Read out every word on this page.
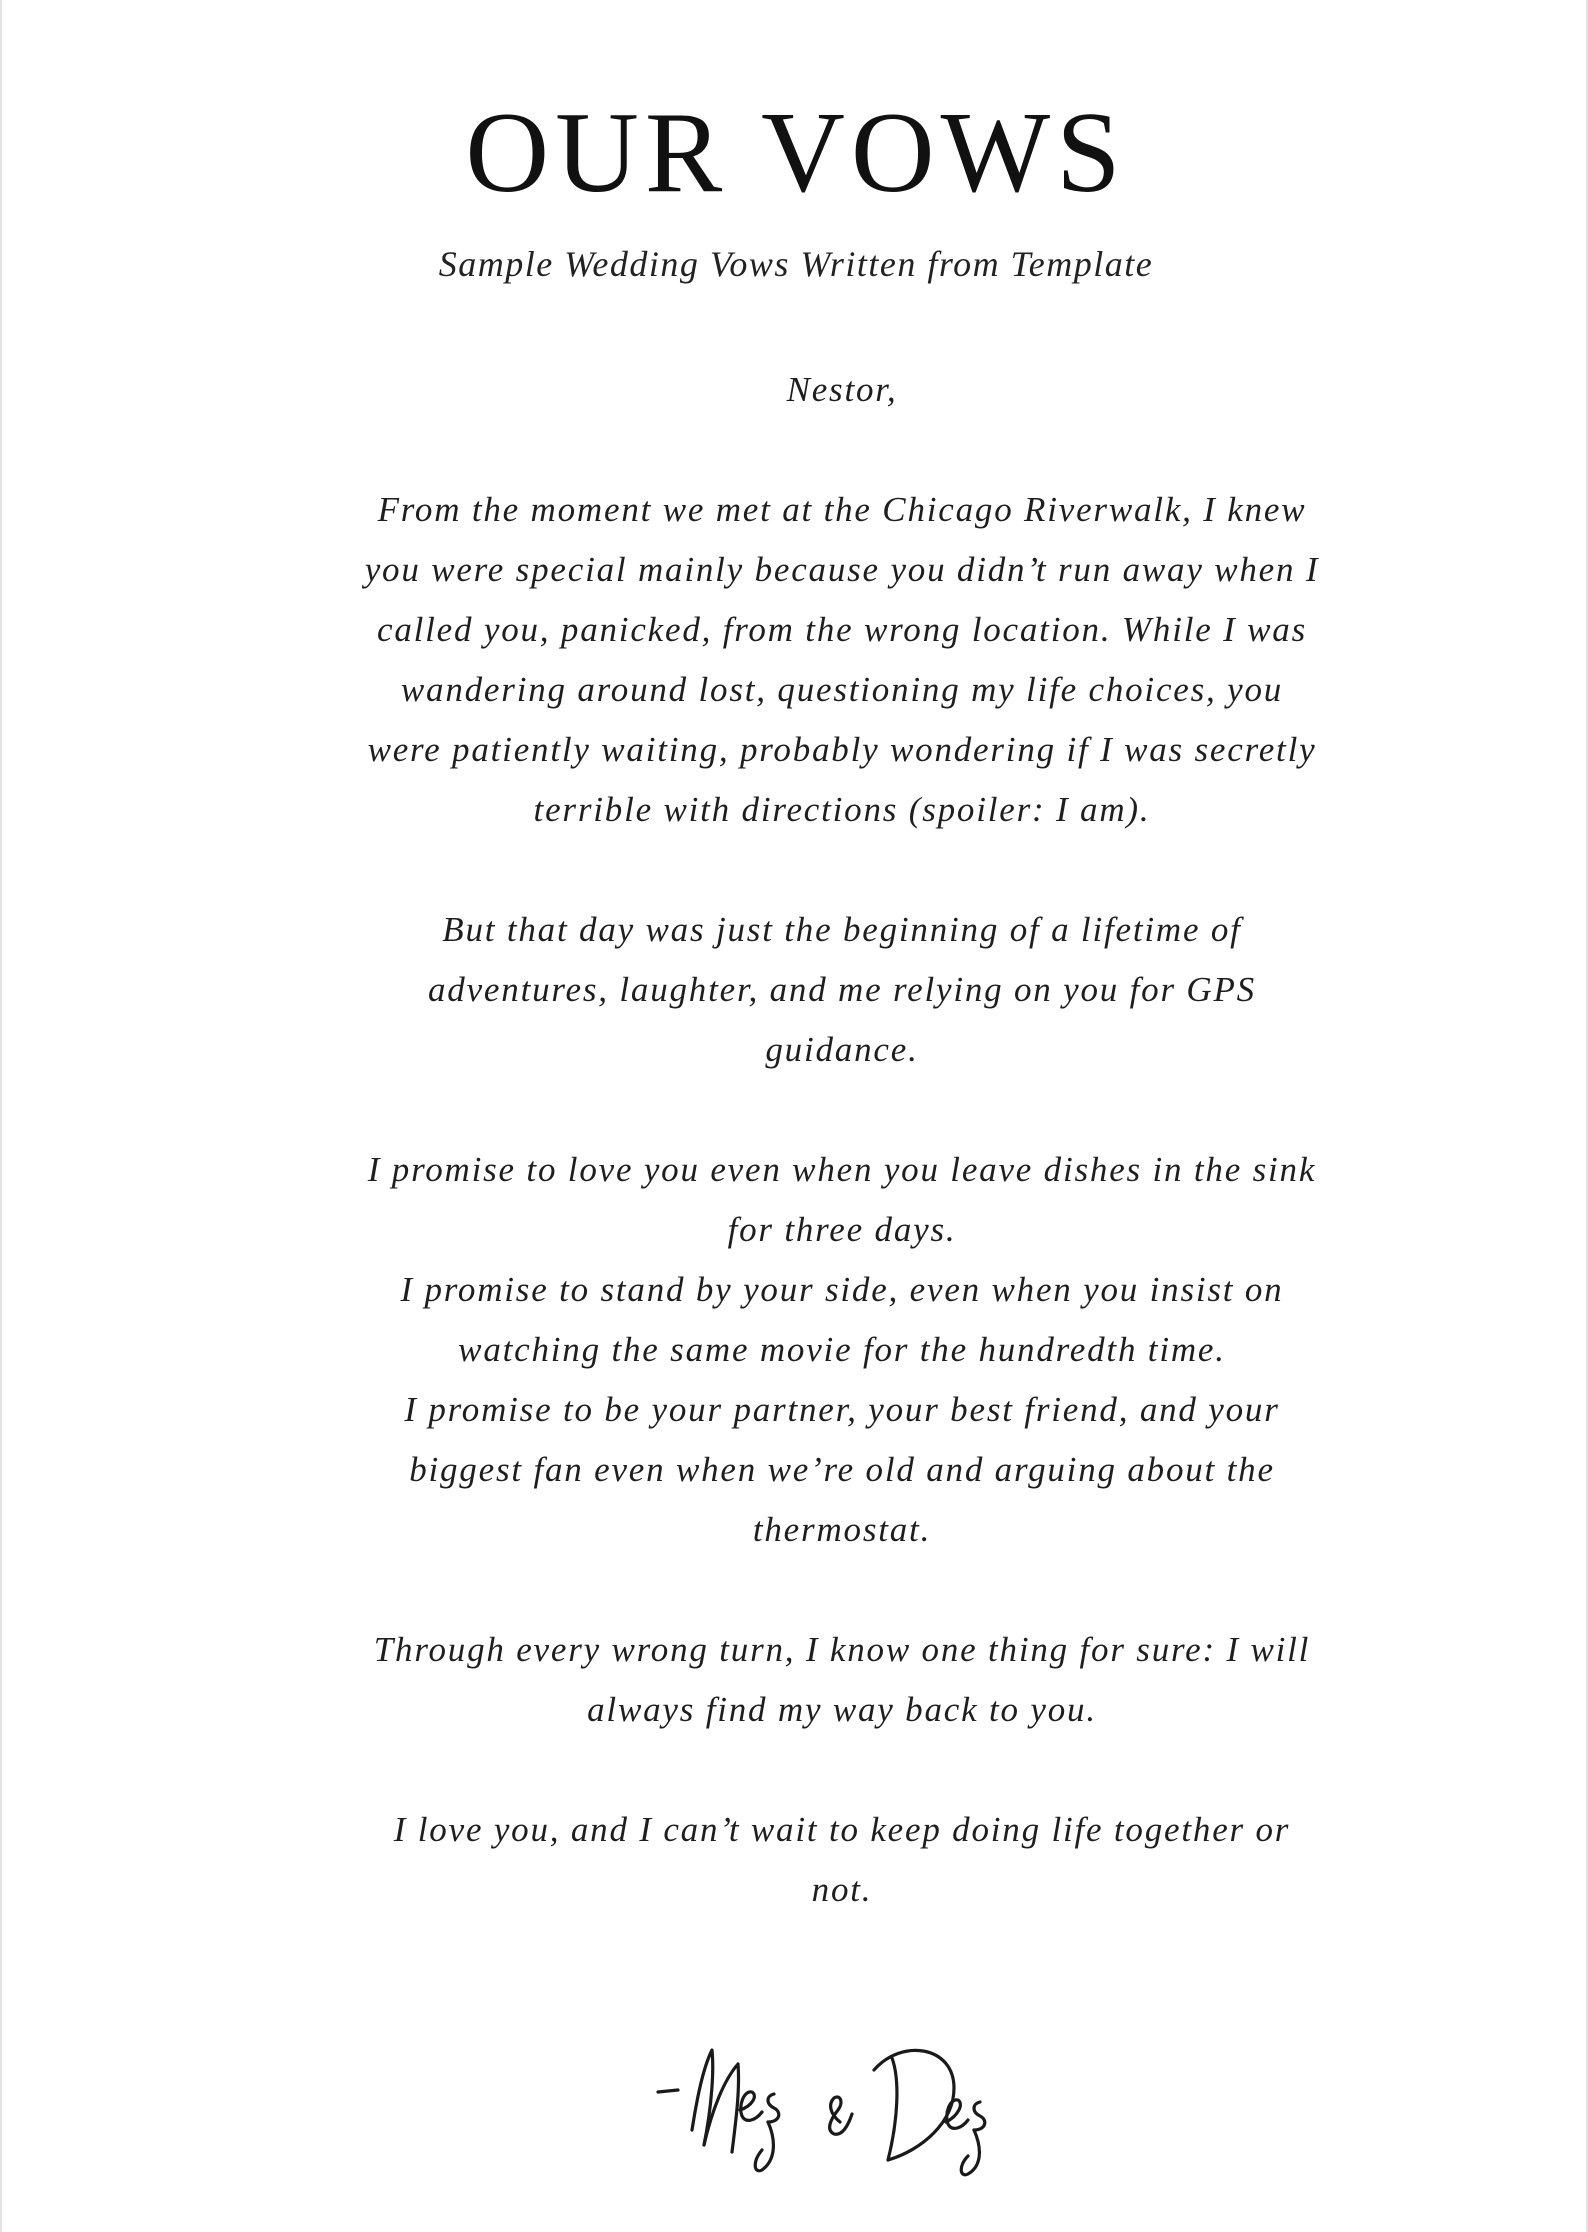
OUR VOWS
Sample Wedding Vows Written from Template

Nestor,

From the moment we met at the Chicago Riverwalk, I knew you were special mainly because you didn’t run away when I called you, panicked, from the wrong location. While I was wandering around lost, questioning my life choices, you were patiently waiting, probably wondering if I was secretly terrible with directions (spoiler: I am).

But that day was just the beginning of a lifetime of adventures, laughter, and me relying on you for GPS guidance.

I promise to love you even when you leave dishes in the sink for three days.

I promise to stand by your side, even when you insist on watching the same movie for the hundredth time.

I promise to be your partner, your best friend, and your biggest fan even when we’re old and arguing about the thermostat.

Through every wrong turn, I know one thing for sure: I will always find my way back to you.

I love you, and I can’t wait to keep doing life together or not.
